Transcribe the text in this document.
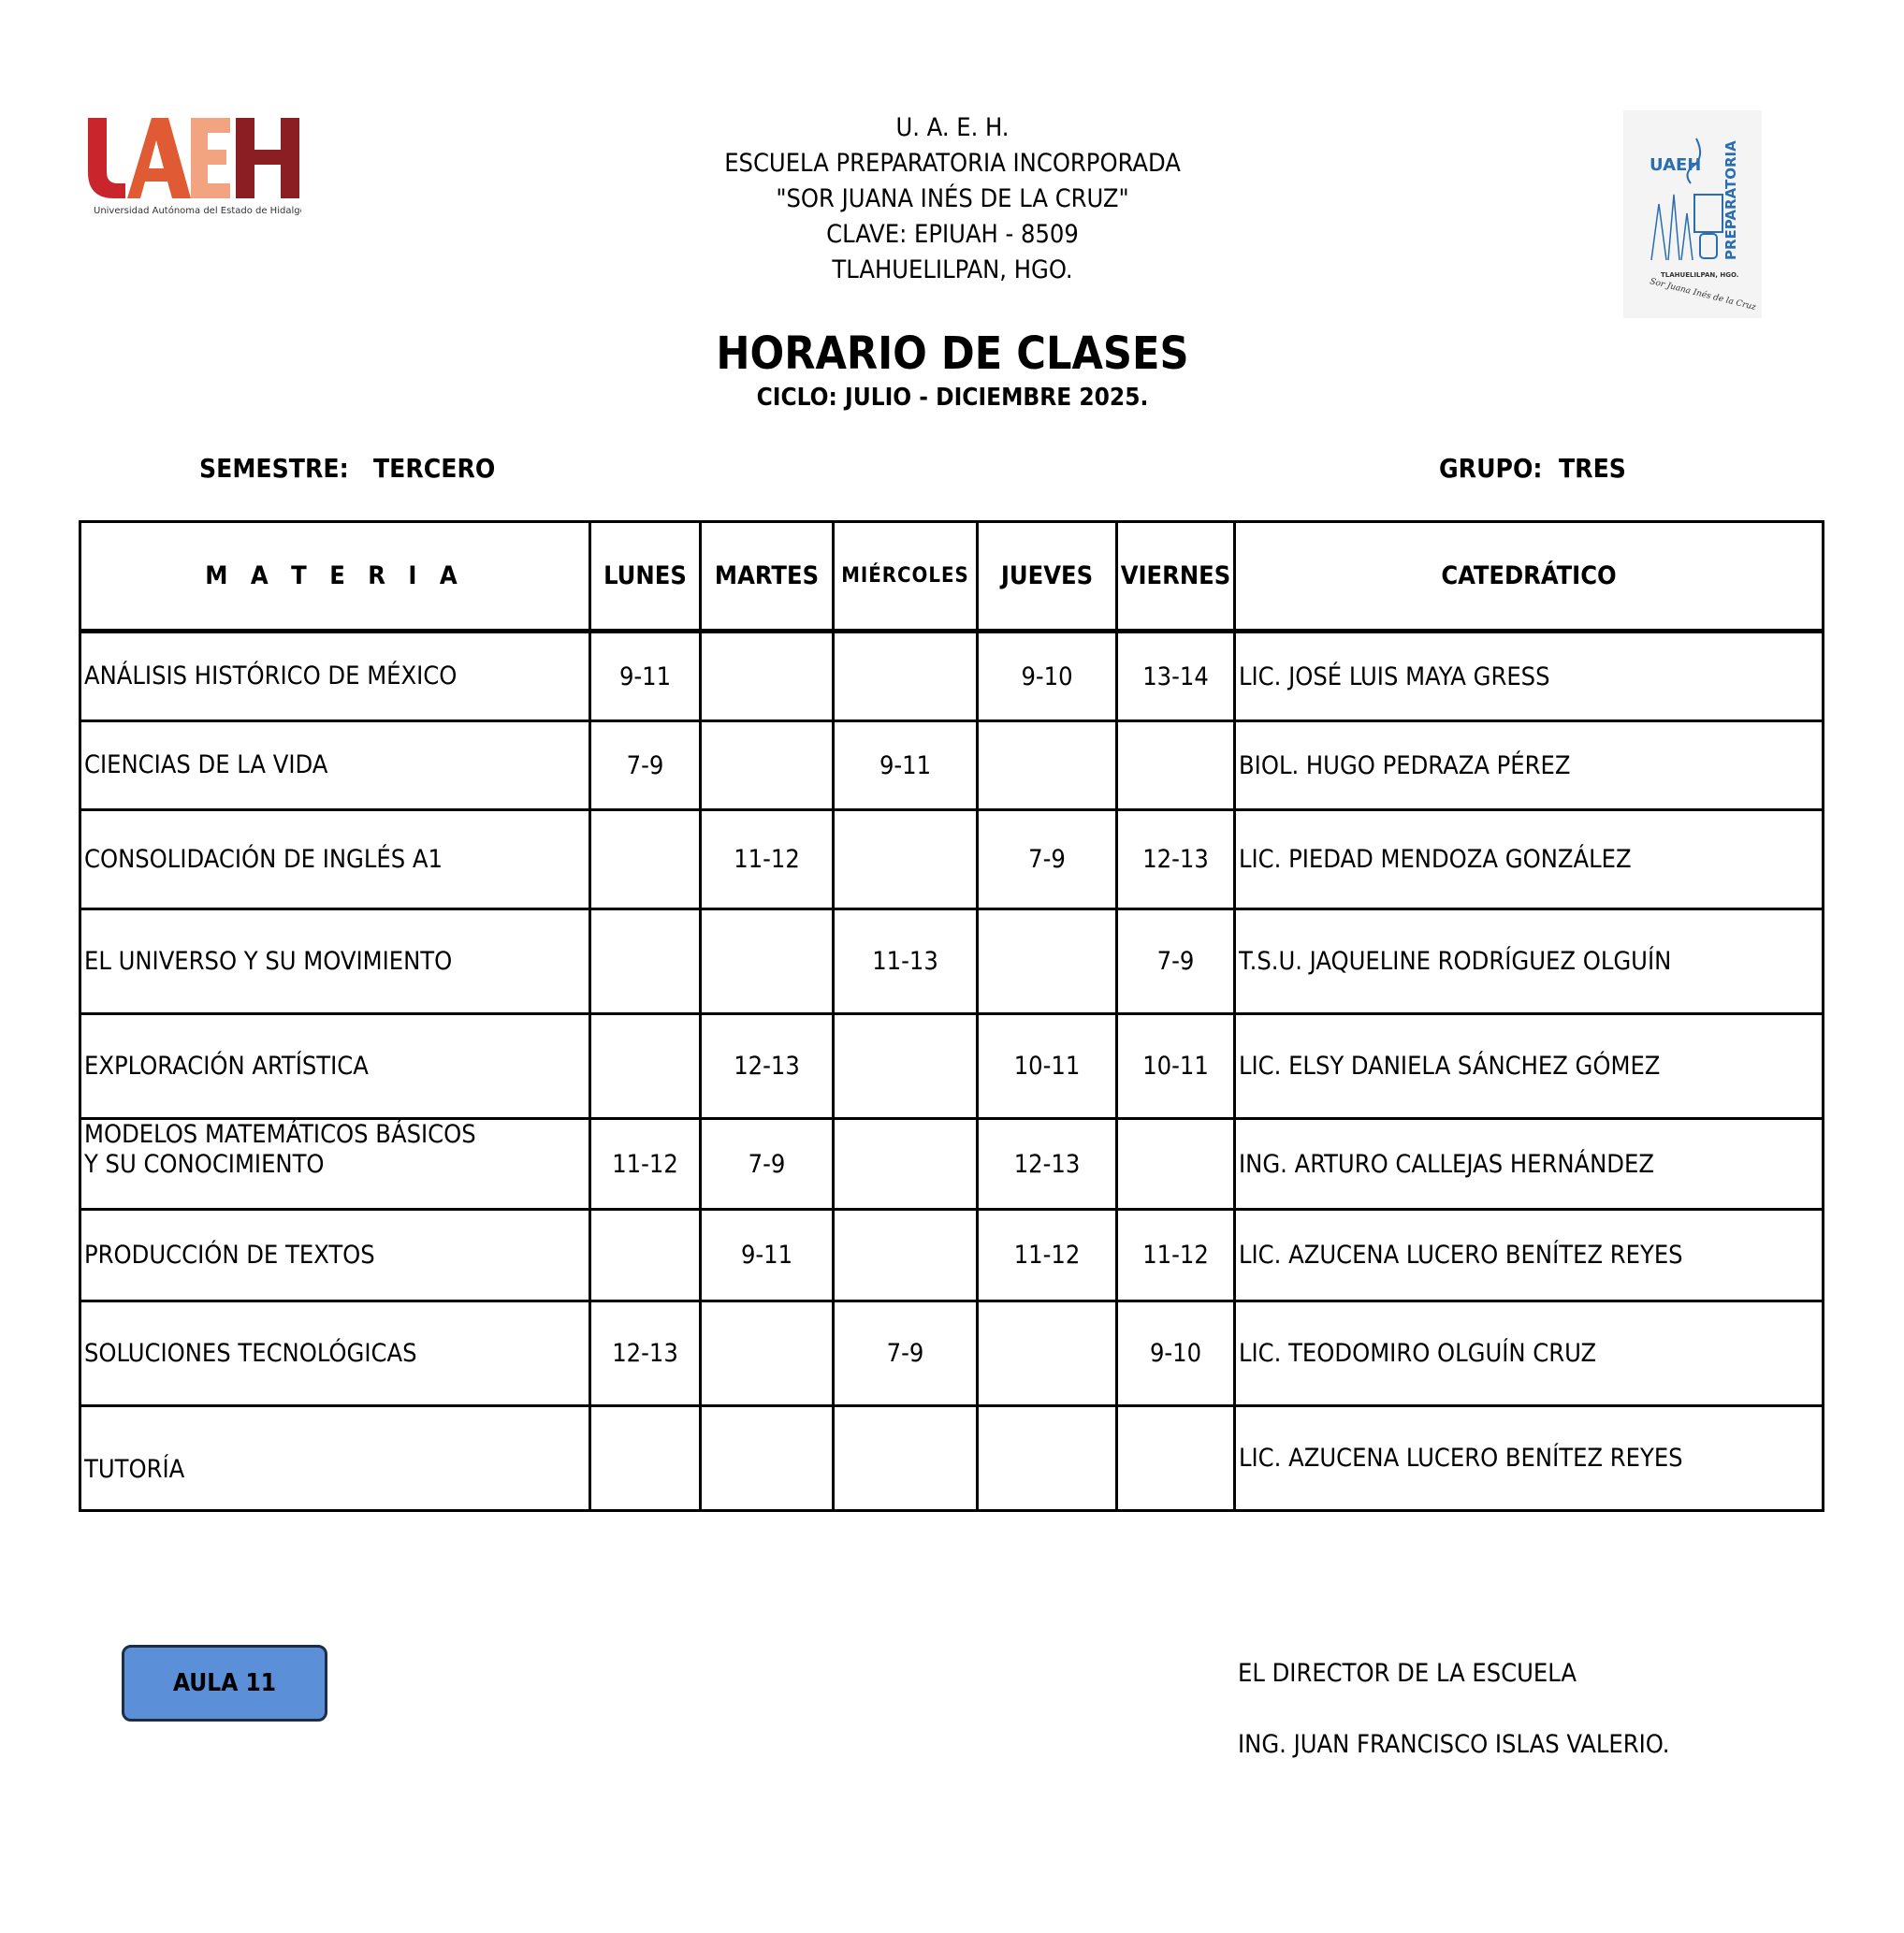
Universidad Autónoma del Estado de Hidalgo
U. A. E. H.
ESCUELA PREPARATORIA INCORPORADA
"SOR JUANA INÉS DE LA CRUZ"
CLAVE: EPIUAH - 8509
TLAHUELILPAN, HGO.
UAEH PREPARATORIA
TLAHUELILPAN, HGO.
Sor Juana Inés de la Cruz
HORARIO DE CLASES
CICLO: JULIO - DICIEMBRE 2025.
SEMESTRE:   TERCERO	GRUPO:  TRES
M A T E R I A	LUNES	MARTES	MIÉRCOLES	JUEVES	VIERNES	CATEDRÁTICO
ANÁLISIS HISTÓRICO DE MÉXICO	9-11			9-10	13-14	LIC. JOSÉ LUIS MAYA GRESS
CIENCIAS DE LA VIDA	7-9		9-11			BIOL. HUGO PEDRAZA PÉREZ
CONSOLIDACIÓN DE INGLÉS A1		11-12		7-9	12-13	LIC. PIEDAD MENDOZA GONZÁLEZ
EL UNIVERSO Y SU MOVIMIENTO			11-13		7-9	T.S.U. JAQUELINE RODRÍGUEZ OLGUÍN
EXPLORACIÓN ARTÍSTICA		12-13		10-11	10-11	LIC. ELSY DANIELA SÁNCHEZ GÓMEZ

MODELOS MATEMÁTICOS BÁSICOS
Y SU CONOCIMIENTO	11-12	7-9		12-13		ING. ARTURO CALLEJAS HERNÁNDEZ
PRODUCCIÓN DE TEXTOS		9-11		11-12	11-12	LIC. AZUCENA LUCERO BENÍTEZ REYES
SOLUCIONES TECNOLÓGICAS	12-13		7-9		9-10	LIC. TEODOMIRO OLGUÍN CRUZ
TUTORÍA						LIC. AZUCENA LUCERO BENÍTEZ REYES
AULA 11	EL DIRECTOR DE LA ESCUELA
ING. JUAN FRANCISCO ISLAS VALERIO.
